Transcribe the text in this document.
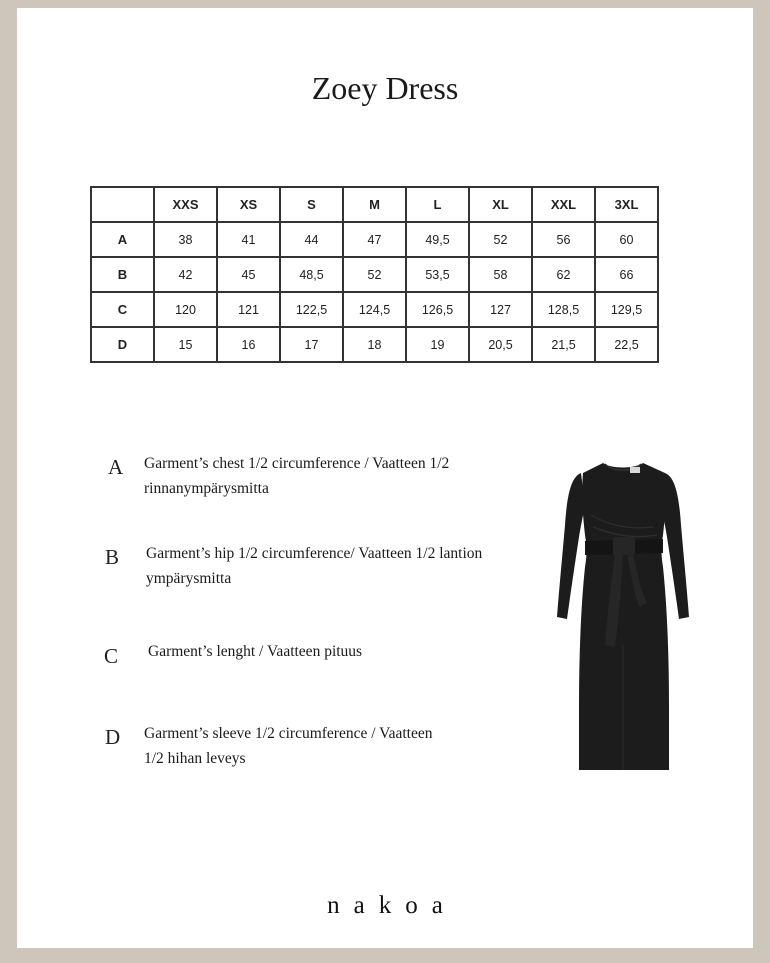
Zoey Dress
	XXS	XS	S	M	L	XL	XXL	3XL
A	38	41	44	47	49,5	52	56	60
B	42	45	48,5	52	53,5	58	62	66
C	120	121	122,5	124,5	126,5	127	128,5	129,5
D	15	16	17	18	19	20,5	21,5	22,5
A Garment’s chest 1/2 circumference / Vaatteen 1/2
rinnanympärysmitta
B Garment’s hip 1/2 circumference/ Vaatteen 1/2 lantion
ympärysmitta
C Garment’s lenght / Vaatteen pituus
D Garment’s sleeve 1/2 circumference / Vaatteen
1/2 hihan leveys
nakoa
